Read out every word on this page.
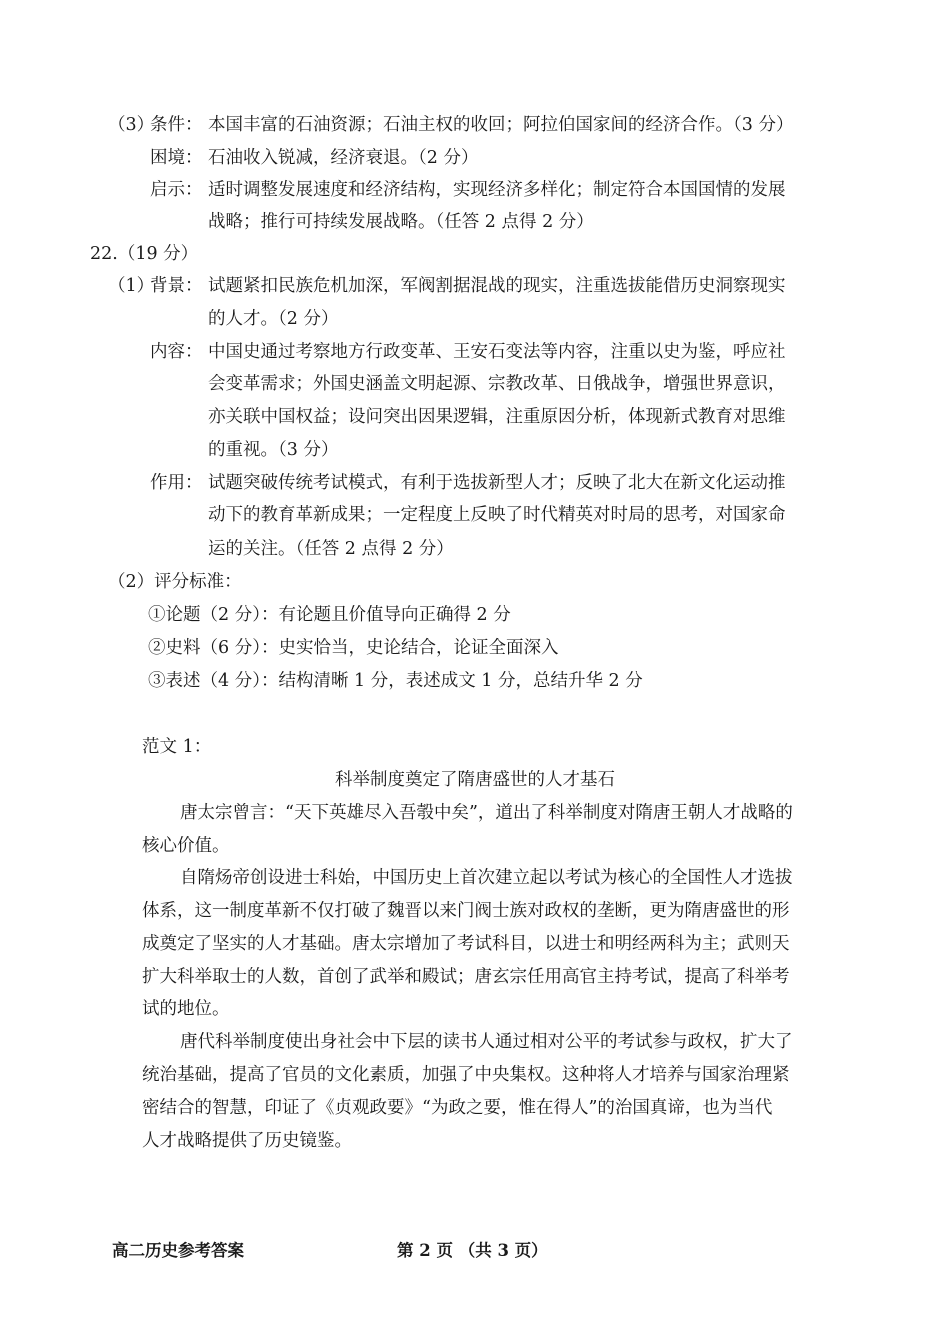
（3）
条件： 本国丰富的石油资源；石油主权的收回；阿拉伯国家间的经济合作。（3 分）
困境： 石油收入锐减，经济衰退。（2 分）
启示： 适时调整发展速度和经济结构，实现经济多样化；制定符合本国国情的发展
战略；推行可持续发展战略。（任答 2 点得 2 分）
22.（19 分）
（1）
背景： 试题紧扣民族危机加深，军阀割据混战的现实，注重选拔能借历史洞察现实
的人才。（2 分）
内容： 中国史通过考察地方行政变革、王安石变法等内容，注重以史为鉴，呼应社
会变革需求；外国史涵盖文明起源、宗教改革、日俄战争，增强世界意识，
亦关联中国权益；设问突出因果逻辑，注重原因分析，体现新式教育对思维
的重视。（3 分）
作用： 试题突破传统考试模式，有利于选拔新型人才；反映了北大在新文化运动推
动下的教育革新成果；一定程度上反映了时代精英对时局的思考，对国家命
运的关注。（任答 2 点得 2 分）
（2）评分标准：
①论题（2 分）：有论题且价值导向正确得 2 分
②史料（6 分）：史实恰当，史论结合，论证全面深入
③表述（4 分）：结构清晰 1 分，表述成文 1 分，总结升华 2 分
范文 1：
科举制度奠定了隋唐盛世的人才基石
唐太宗曾言：“天下英雄尽入吾彀中矣”，道出了科举制度对隋唐王朝人才战略的
核心价值。
自隋炀帝创设进士科始，中国历史上首次建立起以考试为核心的全国性人才选拔
体系，这一制度革新不仅打破了魏晋以来门阀士族对政权的垄断，更为隋唐盛世的形
成奠定了坚实的人才基础。唐太宗增加了考试科目，以进士和明经两科为主；武则天
扩大科举取士的人数，首创了武举和殿试；唐玄宗任用高官主持考试，提高了科举考
试的地位。
唐代科举制度使出身社会中下层的读书人通过相对公平的考试参与政权，扩大了
统治基础，提高了官员的文化素质，加强了中央集权。这种将人才培养与国家治理紧
密结合的智慧，印证了《贞观政要》“为政之要，惟在得人”的治国真谛，也为当代
人才战略提供了历史镜鉴。
高二历史参考答案	第 2 页 （共 3 页）
